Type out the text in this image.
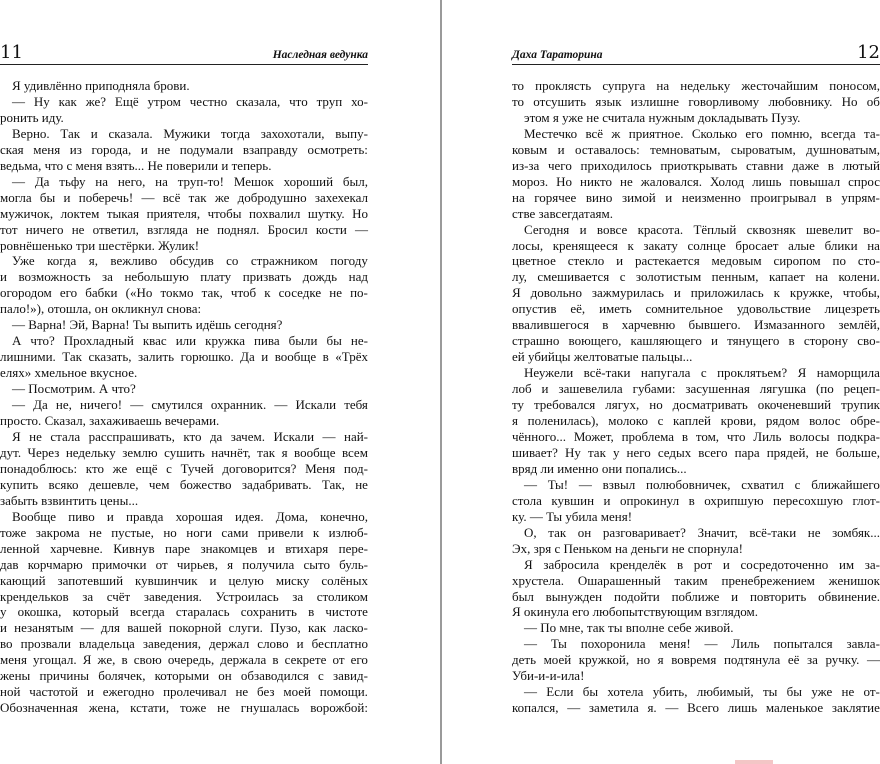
11	Наследная ведунка
Я удивлённо приподняла брови.
— Ну как же? Ещё утром честно сказала, что труп хо-
ронить иду.
Верно. Так и сказала. Мужики тогда захохотали, выпу-
ская меня из города, и не подумали взаправду осмотреть:
ведьма, что с меня взять... Не поверили и теперь.
— Да тьфу на него, на труп-то! Мешок хороший был,
могла бы и поберечь! — всё так же добродушно захехекал
мужичок, локтем тыкая приятеля, чтобы похвалил шутку. Но
тот ничего не ответил, взгляда не поднял. Бросил кости —
ровнёшенько три шестёрки. Жулик!
Уже когда я, вежливо обсудив со стражником погоду
и возможность за небольшую плату призвать дождь над
огородом его бабки («Но токмо так, чтоб к соседке не по-
пало!»), отошла, он окликнул снова:
— Варна! Эй, Варна! Ты выпить идёшь сегодня?
А что? Прохладный квас или кружка пива были бы не-
лишними. Так сказать, залить горюшко. Да и вообще в «Трёх
елях» хмельное вкусное.
— Посмотрим. А что?
— Да не, ничего! — смутился охранник. — Искали тебя
просто. Сказал, захаживаешь вечерами.
Я не стала расспрашивать, кто да зачем. Искали — най-
дут. Через недельку землю сушить начнёт, так я вообще всем
понадоблюсь: кто же ещё с Тучей договорится? Меня под-
купить всяко дешевле, чем божество задабривать. Так, не
забыть взвинтить цены...
Вообще пиво и правда хорошая идея. Дома, конечно,
тоже закрома не пустые, но ноги сами привели к излюб-
ленной харчевне. Кивнув паре знакомцев и втихаря пере-
дав корчмарю примочки от чирьев, я получила сыто буль-
кающий запотевший кувшинчик и целую миску солёных
крендельков за счёт заведения. Устроилась за столиком
у окошка, который всегда старалась сохранить в чистоте
и незанятым — для вашей покорной слуги. Пузо, как ласко-
во прозвали владельца заведения, держал слово и бесплатно
меня угощал. Я же, в свою очередь, держала в секрете от его
жены причины болячек, которыми он обзаводился с завид-
ной частотой и ежегодно пролечивал не без моей помощи.
Обозначенная жена, кстати, тоже не гнушалась ворожбой:
12
Даха Тараторина
то проклясть супруга на недельку жесточайшим поносом,
то отсушить язык излишне говорливому любовнику. Но об
этом я уже не считала нужным докладывать Пузу.
Местечко всё ж приятное. Сколько его помню, всегда та-
ковым и оставалось: темноватым, сыроватым, душноватым,
из-за чего приходилось приоткрывать ставни даже в лютый
мороз. Но никто не жаловался. Холод лишь повышал спрос
на горячее вино зимой и неизменно проигрывал в упрям-
стве завсегдатаям.
Сегодня и вовсе красота. Тёплый сквозняк шевелит во-
лосы, кренящееся к закату солнце бросает алые блики на
цветное стекло и растекается медовым сиропом по сто-
лу, смешивается с золотистым пенным, капает на колени.
Я довольно зажмурилась и приложилась к кружке, чтобы,
опустив её, иметь сомнительное удовольствие лицезреть
ввалившегося в харчевню бывшего. Измазанного землёй,
страшно воющего, кашляющего и тянущего в сторону сво-
ей убийцы желтоватые пальцы...
Неужели всё-таки напугала с проклятьем? Я наморщила
лоб и зашевелила губами: засушенная лягушка (по рецеп-
ту требовался лягух, но досматривать окоченевший трупик
я поленилась), молоко с каплей крови, рядом волос обре-
чённого... Может, проблема в том, что Лиль волосы подкра-
шивает? Ну так у него седых всего пара прядей, не больше,
вряд ли именно они попались...
— Ты! — взвыл полюбовничек, схватил с ближайшего
стола кувшин и опрокинул в охрипшую пересохшую глот-
ку. — Ты убила меня!
О, так он разговаривает? Значит, всё-таки не зомбяк...
Эх, зря с Пеньком на деньги не спорнула!
Я забросила кренделёк в рот и сосредоточенно им за-
хрустела. Ошарашенный таким пренебрежением женишок
был вынужден подойти поближе и повторить обвинение.
Я окинула его любопытствующим взглядом.
— По мне, так ты вполне себе живой.
— Ты похоронила меня! — Лиль попытался завла-
деть моей кружкой, но я вовремя подтянула её за ручку. —
Уби-и-и-ила!
— Если бы хотела убить, любимый, ты бы уже не от-
копался, — заметила я. — Всего лишь маленькое заклятие
